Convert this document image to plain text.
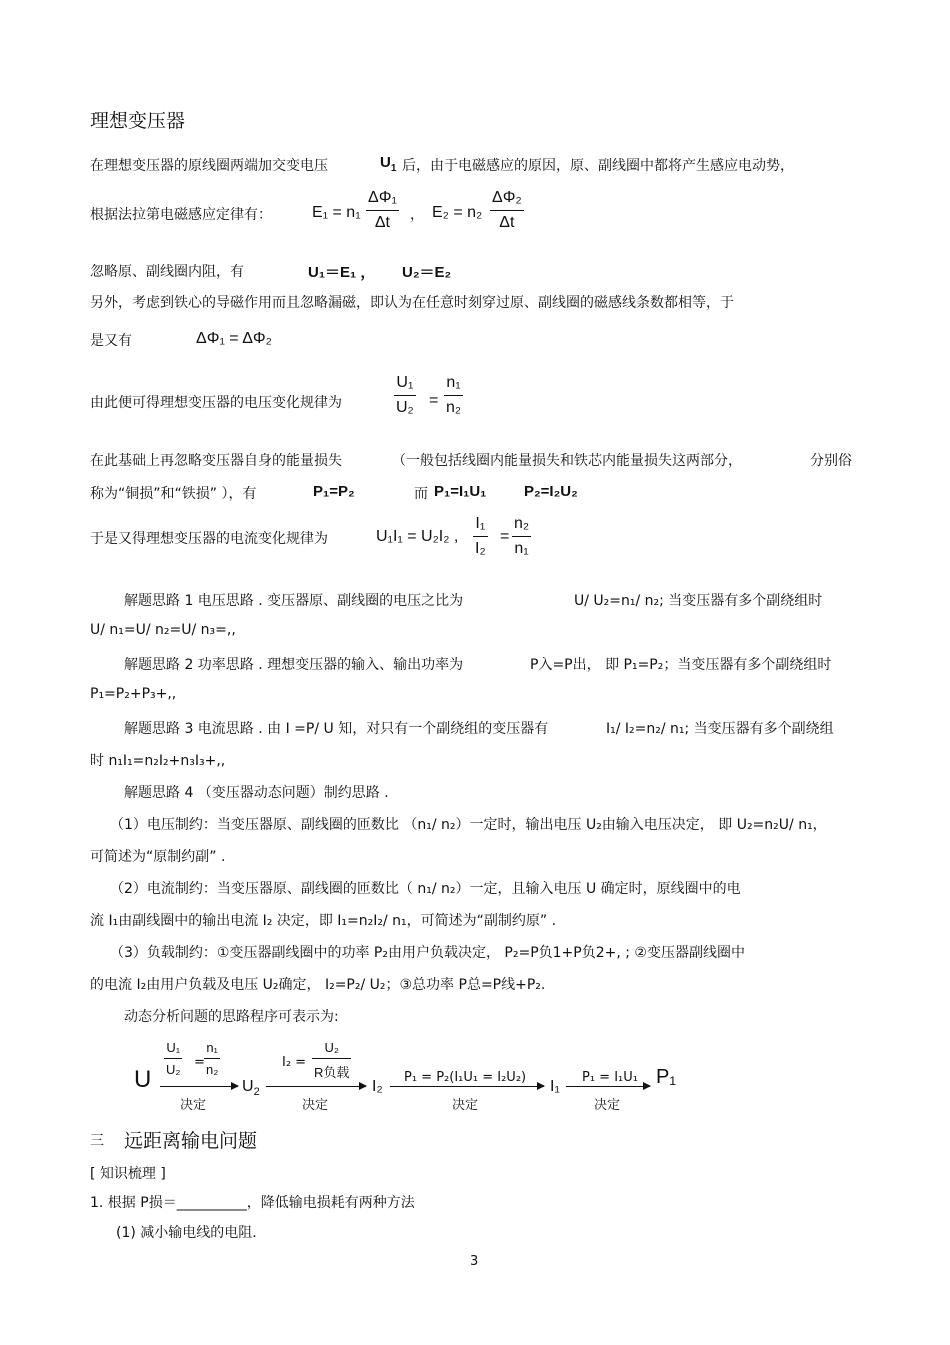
理想变压器
在理想变压器的原线圈两端加交变电压	$U_1$ 后，由于电磁感应的原因，原、副线圈中都将产生感应电动势，
根据法拉第电磁感应定律有：	$E_1 = n_1 \frac{\text{ΔΦ₁}}{\Delta t}$ ， $E_2 = n_2 \frac{\text{ΔΦ₂}}{\Delta t}$
忽略原、副线圈内阻，有	U₁＝E₁ ， U₂＝E₂
另外，考虑到铁心的导磁作用而且忽略漏磁，即认为在任意时刻穿过原、副线圈的磁感线条数都相等，于
是又有	ΔΦ₁ = ΔΦ₂
由此便可得理想变压器的电压变化规律为	$\frac{\text{U₁}}{\text{U₂}} = \frac{\text{n₁}}{\text{n₂}}$
在此基础上再忽略变压器自身的能量损失	（一般包括线圈内能量损失和铁芯内能量损失这两部分，	分别俗
称为“铜损”和“铁损” ），有	P₁=P₂	而 P₁=I₁U₁	P₂=I₂U₂
于是又得理想变压器的电流变化规律为	U₁I₁ = U₂I₂ , $\frac{\text{I₁}}{\text{I₂}} = \frac{\text{n₂}}{\text{n₁}}$
解题思路 1 电压思路 . 变压器原、副线圈的电压之比为	U/ U₂=n₁/ n₂; 当变压器有多个副绕组时
U/ n₁=U/ n₂=U/ n₃=,,
解题思路 2 功率思路 . 理想变压器的输入、输出功率为	P入=P出， 即 P₁=P₂；当变压器有多个副绕组时
P₁=P₂+P₃+,,
解题思路 3 电流思路 . 由 I =P/ U 知，对只有一个副绕组的变压器有	I₁/ I₂=n₂/ n₁; 当变压器有多个副绕组
时 n₁I₁=n₂I₂+n₃I₃+,,
解题思路 4 （变压器动态问题）制约思路 .
（1）电压制约：当变压器原、副线圈的匝数比 （n₁/ n₂）一定时，输出电压 U₂由输入电压决定， 即 U₂=n₂U/ n₁，
可简述为“原制约副” .
（2）电流制约：当变压器原、副线圈的匝数比（ n₁/ n₂）一定，且输入电压 U 确定时，原线圈中的电
流 I₁由副线圈中的输出电流 I₂ 决定，即 I₁=n₂I₂/ n₁，可简述为“副制约原” .
（3）负载制约：①变压器副线圈中的功率 P₂由用户负载决定， P₂=P负1+P负2+, ; ②变压器副线圈中
的电流 I₂由用户负载及电压 U₂确定， I₂=P₂/ U₂；③总功率 P总=P线+P₂.
动态分析问题的思路程序可表示为:
U
$\frac{\text{U₁}}{\text{U₂}} = \frac{\text{n₁}}{\text{n₂}}$
决定
$U_2$
I₂ =
U₂
R负载
决定
I₂
P₁ = P₂(I₁U₁ = I₂U₂)
决定
I₁
P₁ = I₁U₁
决定
P₁
三 远距离输电问题
[ 知识梳理 ]
1. 根据 P损＝__________，降低输电损耗有两种方法
(1) 减小输电线的电阻.
3
